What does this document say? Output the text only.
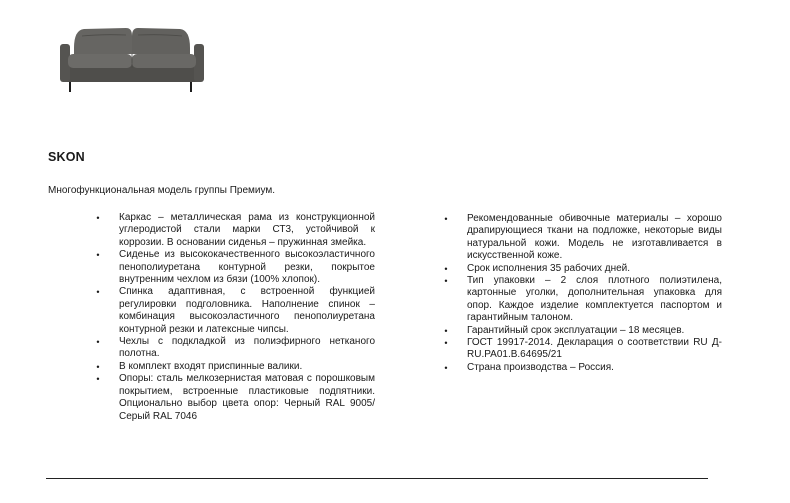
SKON
Многофункциональная модель группы Премиум.
• Каркас – металлическая рама из конструкционной углеродистой стали марки СТ3, устойчивой к коррозии. В основании сиденья – пружинная змейка.
• Сиденье из высококачественного высокоэластичного пенополиуретана контурной резки, покрытое внутренним чехлом из бязи (100% хлопок).
• Спинка адаптивная, с встроенной функцией регулировки подголовника. Наполнение спинок – комбинация высокоэластичного пенополиуретана контурной резки и латексные чипсы.
• Чехлы с подкладкой из полиэфирного нетканого полотна.
• В комплект входят приспинные валики.
• Опоры: сталь мелкозернистая матовая с порошковым покрытием, встроенные пластиковые подпятники. Опционально выбор цвета опор: Черный RAL 9005/ Серый RAL 7046
• Рекомендованные обивочные материалы – хорошо драпирующиеся ткани на подложке, некоторые виды натуральной кожи. Модель не изготавливается в искусственной коже.
• Срок исполнения 35 рабочих дней.
• Тип упаковки – 2 слоя плотного полиэтилена, картонные уголки, дополнительная упаковка для опор. Каждое изделие комплектуется паспортом и гарантийным талоном.
• Гарантийный срок эксплуатации – 18 месяцев.
• ГОСТ 19917-2014. Декларация о соответствии RU Д-RU.PA01.B.64695/21
• Страна производства – Россия.
